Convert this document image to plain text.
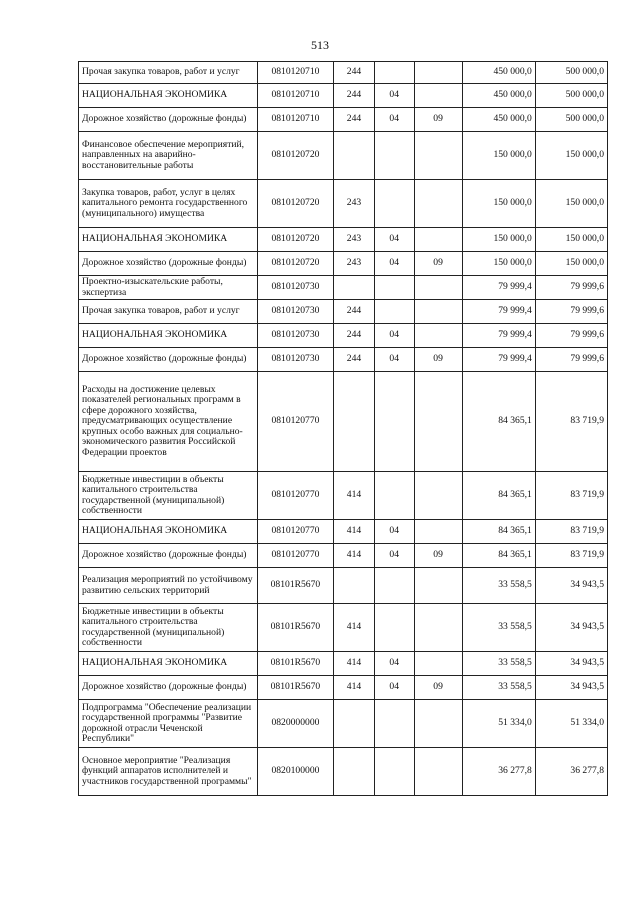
513
Прочая закупка товаров, работ и услуг	0810120710	244			450 000,0	500 000,0
НАЦИОНАЛЬНАЯ ЭКОНОМИКА	0810120710	244	04		450 000,0	500 000,0
Дорожное хозяйство (дорожные фонды)	0810120710	244	04	09	450 000,0	500 000,0
Финансовое обеспечение мероприятий, направленных на аварийно-восстановительные работы	0810120720				150 000,0	150 000,0
Закупка товаров, работ, услуг в целях капитального ремонта государственного (муниципального) имущества	0810120720	243			150 000,0	150 000,0
НАЦИОНАЛЬНАЯ ЭКОНОМИКА	0810120720	243	04		150 000,0	150 000,0
Дорожное хозяйство (дорожные фонды)	0810120720	243	04	09	150 000,0	150 000,0
Проектно-изыскательские работы, экспертиза	0810120730				79 999,4	79 999,6
Прочая закупка товаров, работ и услуг	0810120730	244			79 999,4	79 999,6
НАЦИОНАЛЬНАЯ ЭКОНОМИКА	0810120730	244	04		79 999,4	79 999,6
Дорожное хозяйство (дорожные фонды)	0810120730	244	04	09	79 999,4	79 999,6
Расходы на достижение целевых показателей региональных программ в сфере дорожного хозяйства, предусматривающих осуществление крупных особо важных для социально-экономического развития Российской Федерации проектов	0810120770				84 365,1	83 719,9
Бюджетные инвестиции в объекты капитального строительства государственной (муниципальной) собственности	0810120770	414			84 365,1	83 719,9
НАЦИОНАЛЬНАЯ ЭКОНОМИКА	0810120770	414	04		84 365,1	83 719,9
Дорожное хозяйство (дорожные фонды)	0810120770	414	04	09	84 365,1	83 719,9
Реализация мероприятий по устойчивому развитию сельских территорий	08101R5670				33 558,5	34 943,5
Бюджетные инвестиции в объекты капитального строительства государственной (муниципальной) собственности	08101R5670	414			33 558,5	34 943,5
НАЦИОНАЛЬНАЯ ЭКОНОМИКА	08101R5670	414	04		33 558,5	34 943,5
Дорожное хозяйство (дорожные фонды)	08101R5670	414	04	09	33 558,5	34 943,5
Подпрограмма "Обеспечение реализации государственной программы "Развитие дорожной отрасли Чеченской Республики"	0820000000				51 334,0	51 334,0
Основное мероприятие "Реализация функций аппаратов исполнителей и участников государственной программы"	0820100000				36 277,8	36 277,8
